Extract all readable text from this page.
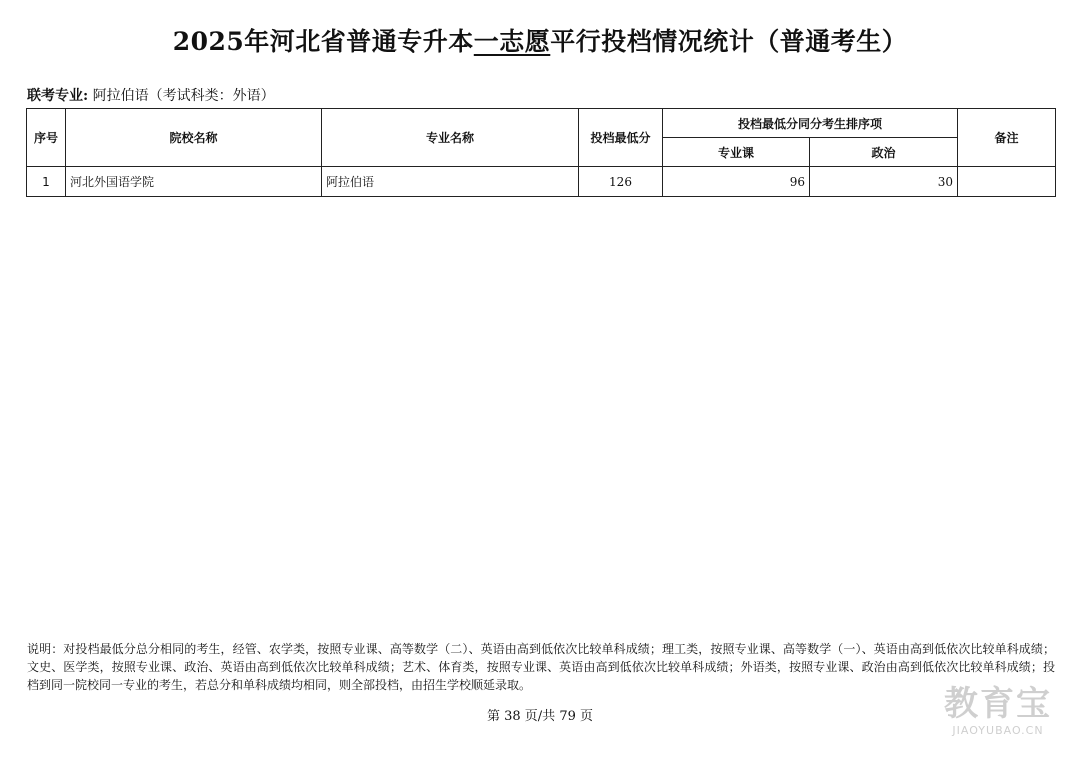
2025年河北省普通专升本一志愿平行投档情况统计（普通考生）
联考专业: 阿拉伯语（考试科类：外语）
序号	院校名称	专业名称	投档最低分	投档最低分同分考生排序项		备注
				专业课	政治	
1	河北外国语学院	阿拉伯语	126	96	30	
说明：对投档最低分总分相同的考生，经管、农学类，按照专业课、高等数学（二）、英语由高到低依次比较单科成绩；理工类，按照专业课、高等数学（一）、英语由高到低依次比较单科成绩；文史、医学类，按照专业课、政治、英语由高到低依次比较单科成绩；艺术、体育类，按照专业课、英语由高到低依次比较单科成绩；外语类，按照专业课、政治由高到低依次比较单科成绩；投档到同一院校同一专业的考生，若总分和单科成绩均相同，则全部投档，由招生学校顺延录取。
第 38 页/共 79 页	教育宝
JIAOYUBAO.CN
